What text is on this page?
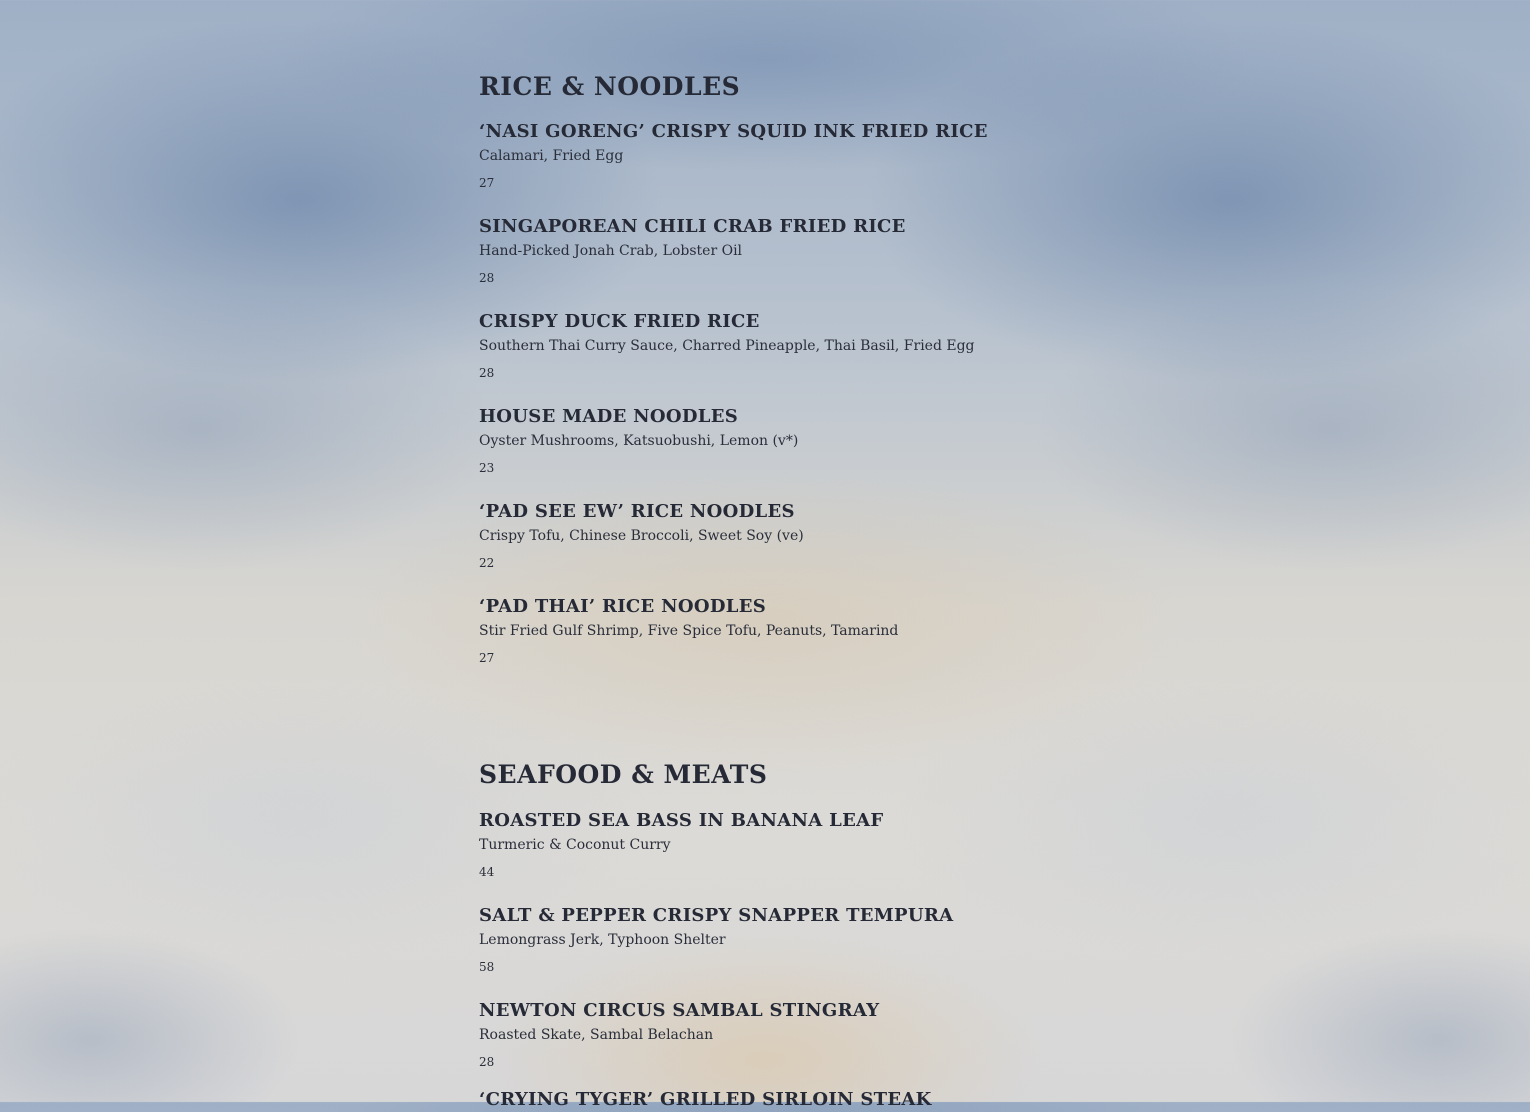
RICE & NOODLES
‘NASI GORENG’ CRISPY SQUID INK FRIED RICE
Calamari, Fried Egg
27
SINGAPOREAN CHILI CRAB FRIED RICE
Hand-Picked Jonah Crab, Lobster Oil
28
CRISPY DUCK FRIED RICE
Southern Thai Curry Sauce, Charred Pineapple, Thai Basil, Fried Egg
28
HOUSE MADE NOODLES
Oyster Mushrooms, Katsuobushi, Lemon (v*)
23
‘PAD SEE EW’ RICE NOODLES
Crispy Tofu, Chinese Broccoli, Sweet Soy (ve)
22
‘PAD THAI’ RICE NOODLES
Stir Fried Gulf Shrimp, Five Spice Tofu, Peanuts, Tamarind
27
SEAFOOD & MEATS
ROASTED SEA BASS IN BANANA LEAF
Turmeric & Coconut Curry
44
SALT & PEPPER CRISPY SNAPPER TEMPURA
Lemongrass Jerk, Typhoon Shelter
58
NEWTON CIRCUS SAMBAL STINGRAY
Roasted Skate, Sambal Belachan
28
‘CRYING TYGER’ GRILLED SIRLOIN STEAK
